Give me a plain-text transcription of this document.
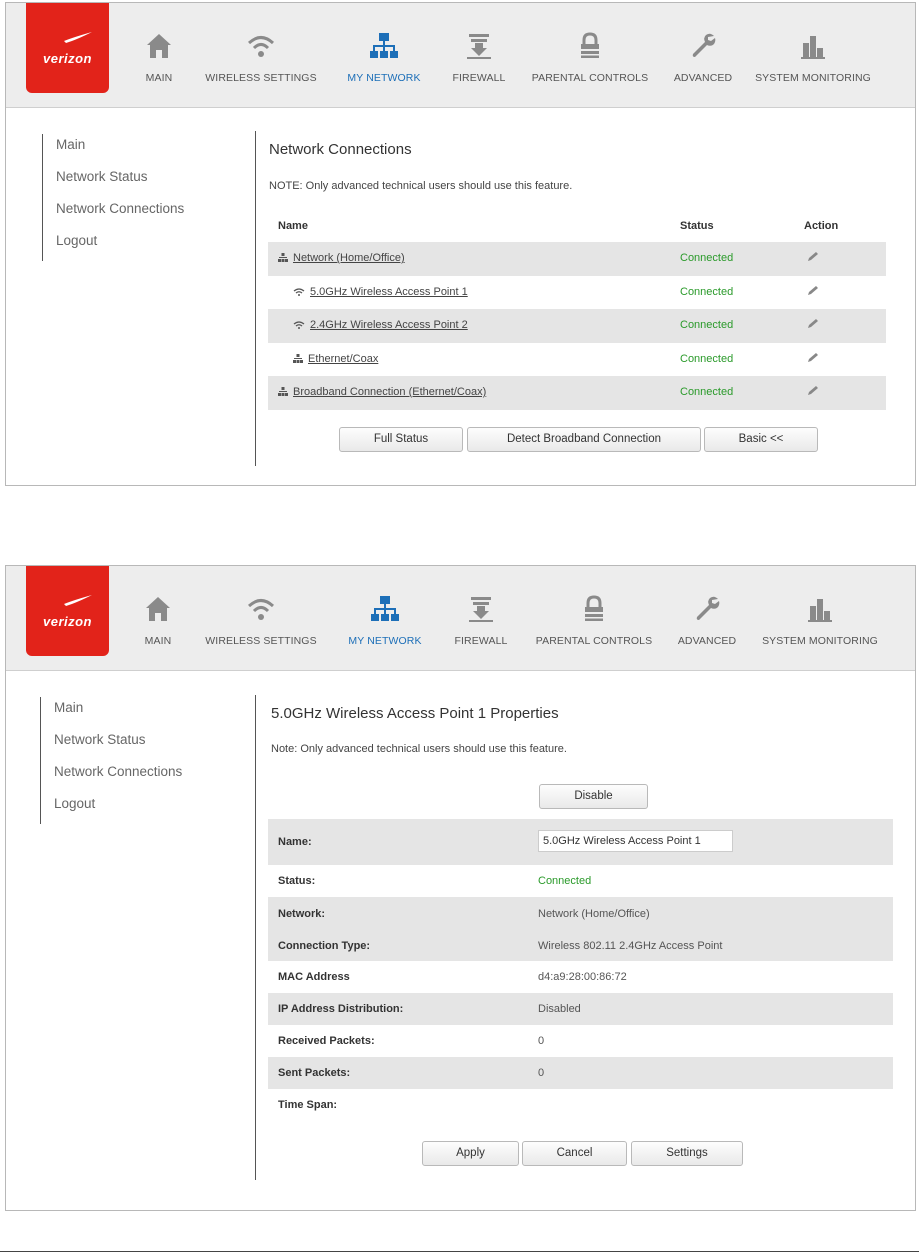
verizon
MAIN	WIRELESS SETTINGS	MY NETWORK	FIREWALL	PARENTAL CONTROLS ADVANCED SYSTEM MONITORING
Main
Network Status
Network Connections
Logout
Network Connections
NOTE: Only advanced technical users should use this feature.
Name	Status	Action
Network (Home/Office)	Connected
5.0GHz Wireless Access Point 1	Connected
2.4GHz Wireless Access Point 2	Connected
Ethernet/Coax	Connected
Broadband Connection (Ethernet/Coax)	Connected
Full Status	Detect Broadband Connection	Basic <<
verizon
MAIN	WIRELESS SETTINGS	MY NETWORK	FIREWALL	PARENTAL CONTROLS ADVANCED SYSTEM MONITORING
Main
Network Status
Network Connections
Logout
5.0GHz Wireless Access Point 1 Properties
Note: Only advanced technical users should use this feature.
Disable
Name:
5.0GHz Wireless Access Point 1
Status:	Connected
Network:	Network (Home/Office)
Connection Type:	Wireless 802.11 2.4GHz Access Point
MAC Address	d4:a9:28:00:86:72
IP Address Distribution:	Disabled
Received Packets:	0
Sent Packets:	0
Time Span:
Apply	Cancel	Settings
